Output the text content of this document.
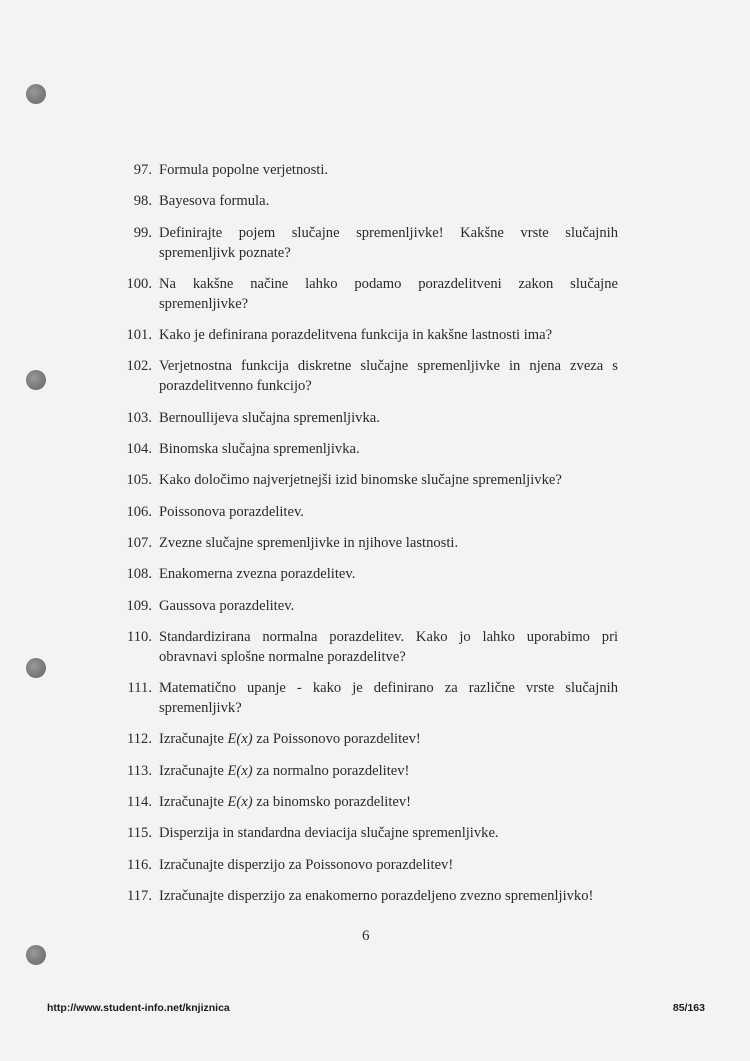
97. Formula popolne verjetnosti.
98. Bayesova formula.
99. Definirajte pojem slučajne spremenljivke! Kakšne vrste slučajnih spremenljivk poznate?
100. Na kakšne načine lahko podamo porazdelitveni zakon slučajne spremenljivke?
101. Kako je definirana porazdelitvena funkcija in kakšne lastnosti ima?
102. Verjetnostna funkcija diskretne slučajne spremenljivke in njena zveza s porazdelitvenno funkcijo?
103. Bernoullijeva slučajna spremenljivka.
104. Binomska slučajna spremenljivka.
105. Kako določimo najverjetnejši izid binomske slučajne spremenljivke?
106. Poissonova porazdelitev.
107. Zvezne slučajne spremenljivke in njihove lastnosti.
108. Enakomerna zvezna porazdelitev.
109. Gaussova porazdelitev.
110. Standardizirana normalna porazdelitev. Kako jo lahko uporabimo pri obravnavi splošne normalne porazdelitve?
111. Matematično upanje - kako je definirano za različne vrste slučajnih spremenljivk?
112. Izračunajte E(x) za Poissonovo porazdelitev!
113. Izračunajte E(x) za normalno porazdelitev!
114. Izračunajte E(x) za binomsko porazdelitev!
115. Disperzija in standardna deviacija slučajne spremenljivke.
116. Izračunajte disperzijo za Poissonovo porazdelitev!
117. Izračunajte disperzijo za enakomerno porazdeljeno zvezno spremenljivko!
6
http://www.student-info.net/knjiznica	85/163
